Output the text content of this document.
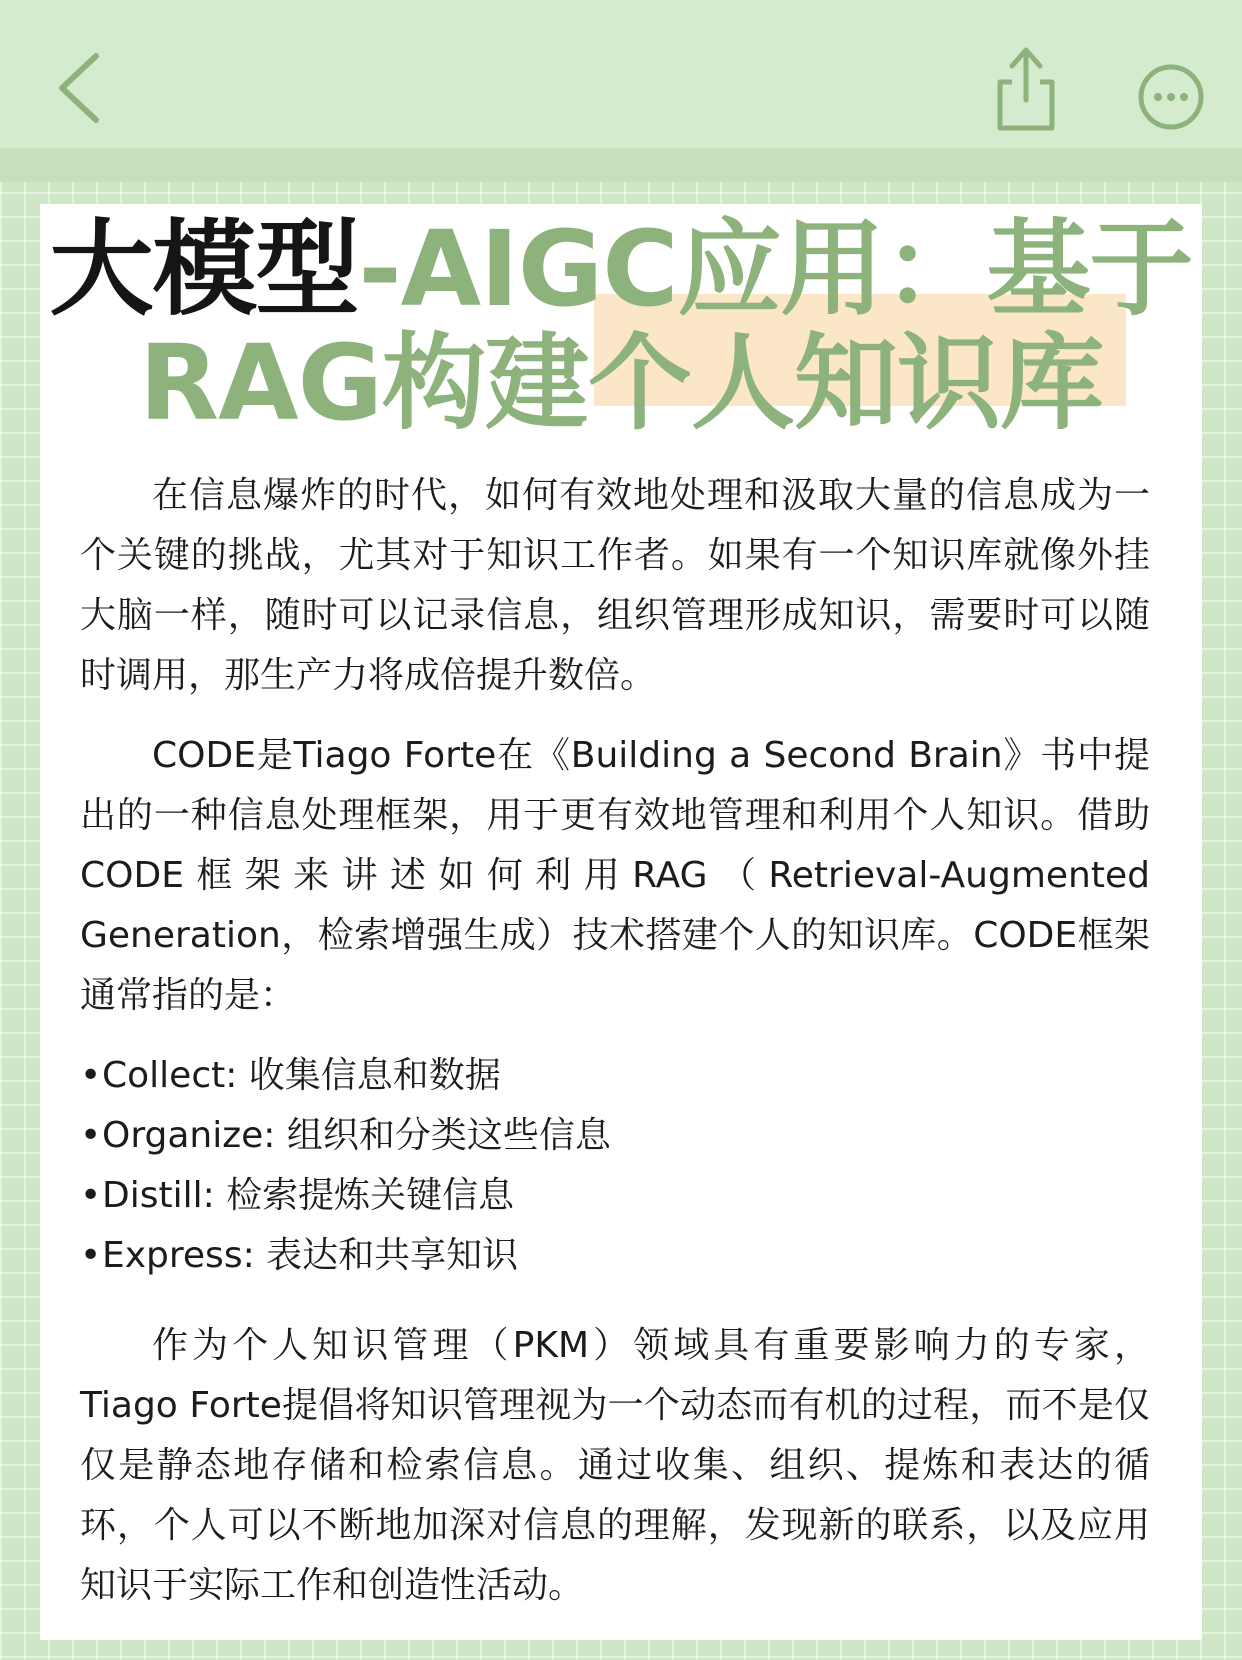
大模型-AIGC应用：基于
RAG构建个人知识库

在信息爆炸的时代，如何有效地处理和汲取大量的信息成为一个关键的挑战，尤其对于知识工作者。如果有一个知识库就像外挂大脑一样，随时可以记录信息，组织管理形成知识，需要时可以随时调用，那生产力将成倍提升数倍。

CODE是Tiago Forte在《Building a Second Brain》书中提出的一种信息处理框架，用于更有效地管理和利用个人知识。借助CODE框架来讲述如何利用RAG（Retrieval-Augmented Generation，检索增强生成）技术搭建个人的知识库。CODE框架通常指的是：

•Collect: 收集信息和数据
•Organize: 组织和分类这些信息
•Distill: 检索提炼关键信息
•Express: 表达和共享知识

作为个人知识管理（PKM）领域具有重要影响力的专家，Tiago Forte提倡将知识管理视为一个动态而有机的过程，而不是仅仅是静态地存储和检索信息。通过收集、组织、提炼和表达的循环，个人可以不断地加深对信息的理解，发现新的联系，以及应用知识于实际工作和创造性活动。
